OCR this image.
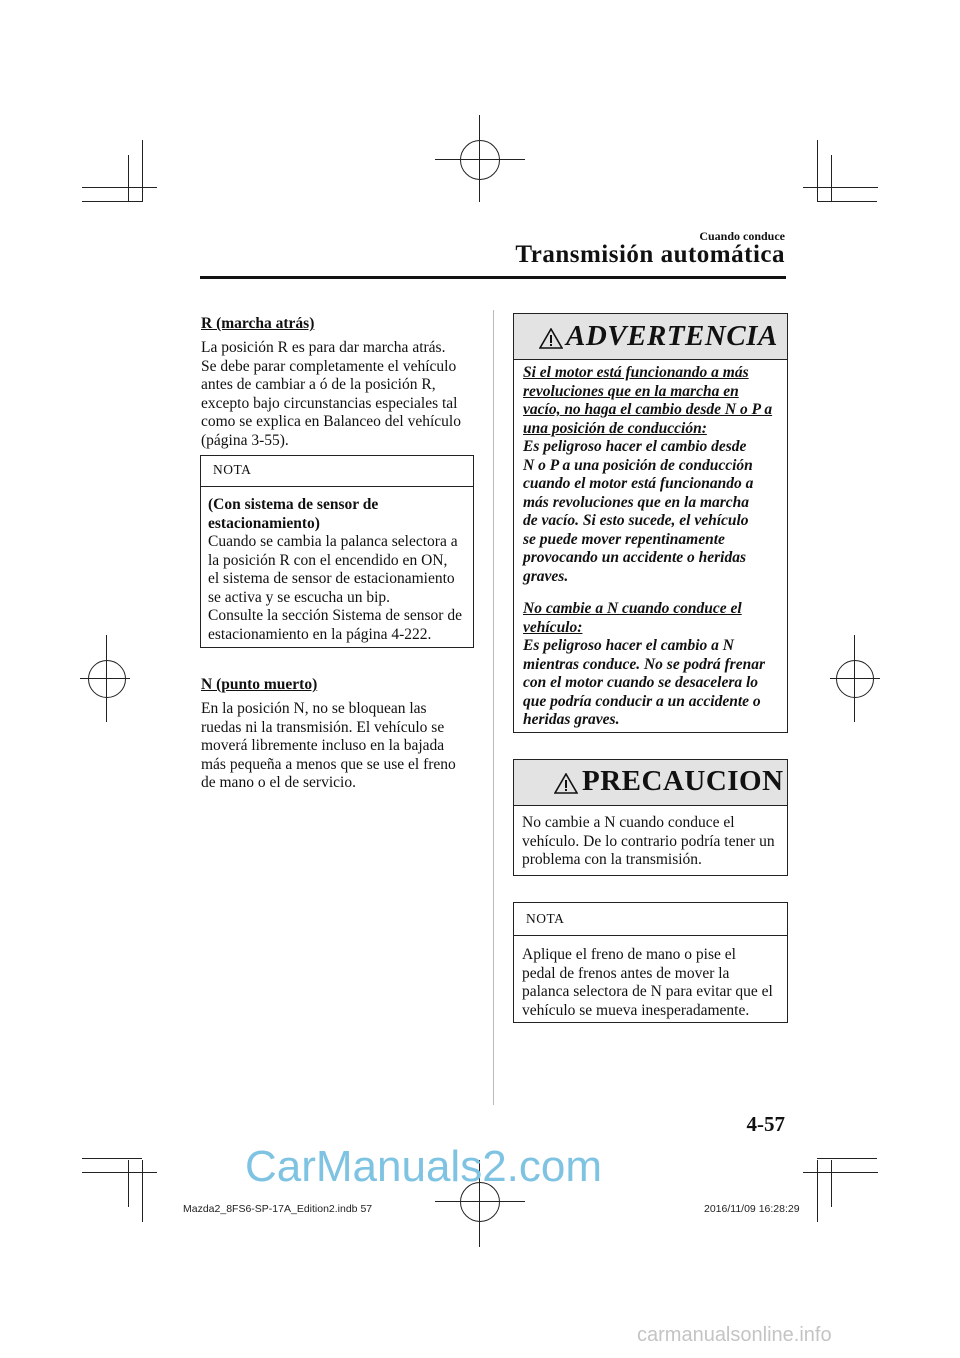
Cuando conduce
Transmisión automática
R (marcha atrás)
La posición R es para dar marcha atrás.
Se debe parar completamente el vehículo
antes de cambiar a ó de la posición R,
excepto bajo circunstancias especiales tal
como se explica en Balanceo del vehículo
(página 3-55).
NOTA
(Con sistema de sensor de
estacionamiento)
Cuando se cambia la palanca selectora a
la posición R con el encendido en ON,
el sistema de sensor de estacionamiento
se activa y se escucha un bip.
Consulte la sección Sistema de sensor de
estacionamiento en la página 4-222.
N (punto muerto)
En la posición N, no se bloquean las
ruedas ni la transmisión. El vehículo se
moverá libremente incluso en la bajada
más pequeña a menos que se use el freno
de mano o el de servicio.
ADVERTENCIA
Si el motor está funcionando a más
revoluciones que en la marcha en
vacío, no haga el cambio desde N o P a
una posición de conducción:
Es peligroso hacer el cambio desde
N o P a una posición de conducción
cuando el motor está funcionando a
más revoluciones que en la marcha
de vacío. Si esto sucede, el vehículo
se puede mover repentinamente
provocando un accidente o heridas
graves.
No cambie a N cuando conduce el
vehículo:
Es peligroso hacer el cambio a N
mientras conduce. No se podrá frenar
con el motor cuando se desacelera lo
que podría conducir a un accidente o
heridas graves.
PRECAUCION
No cambie a N cuando conduce el
vehículo. De lo contrario podría tener un
problema con la transmisión.
NOTA
Aplique el freno de mano o pise el
pedal de frenos antes de mover la
palanca selectora de N para evitar que el
vehículo se mueva inesperadamente.
4-57
CarManuals2.com
Mazda2_8FS6-SP-17A_Edition2.indb 57	2016/11/09 16:28:29
carmanualsonline.info
